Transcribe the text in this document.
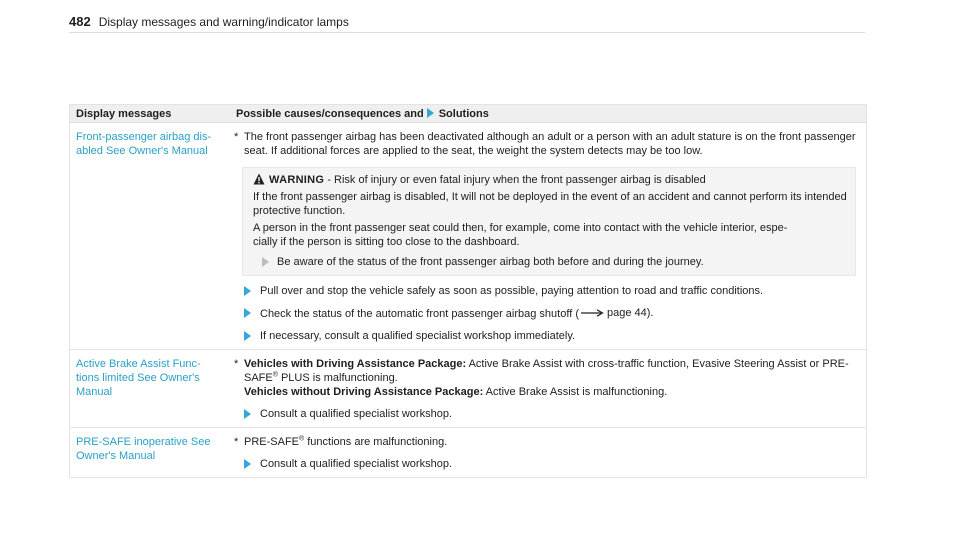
482 Display messages and warning/indicator lamps
Display messages	Possible causes/consequences and Solutions
Front-passenger airbag dis-
abled See Owner's Manual
* The front passenger airbag has been deactivated although an adult or a person with an adult stature is on the front passenger seat. If additional forces are applied to the seat, the weight the system detects may be too low.
WARNING - Risk of injury or even fatal injury when the front passenger airbag is disabled
If the front passenger airbag is disabled, It will not be deployed in the event of an accident and cannot perform its intended protective function.
A person in the front passenger seat could then, for example, come into contact with the vehicle interior, espe-
cially if the person is sitting too close to the dashboard.
Be aware of the status of the front passenger airbag both before and during the journey.
Pull over and stop the vehicle safely as soon as possible, paying attention to road and traffic conditions.
Check the status of the automatic front passenger airbag shutoff (	page 44).
If necessary, consult a qualified specialist workshop immediately.
Active Brake Assist Func-
tions limited See Owner's
Manual
* Vehicles with Driving Assistance Package: Active Brake Assist with cross-traffic function, Evasive Steering Assist or PRE-SAFE® PLUS is malfunctioning.
Vehicles without Driving Assistance Package: Active Brake Assist is malfunctioning.
Consult a qualified specialist workshop.
PRE-SAFE inoperative See
Owner's Manual
* PRE-SAFE® functions are malfunctioning.
Consult a qualified specialist workshop.
